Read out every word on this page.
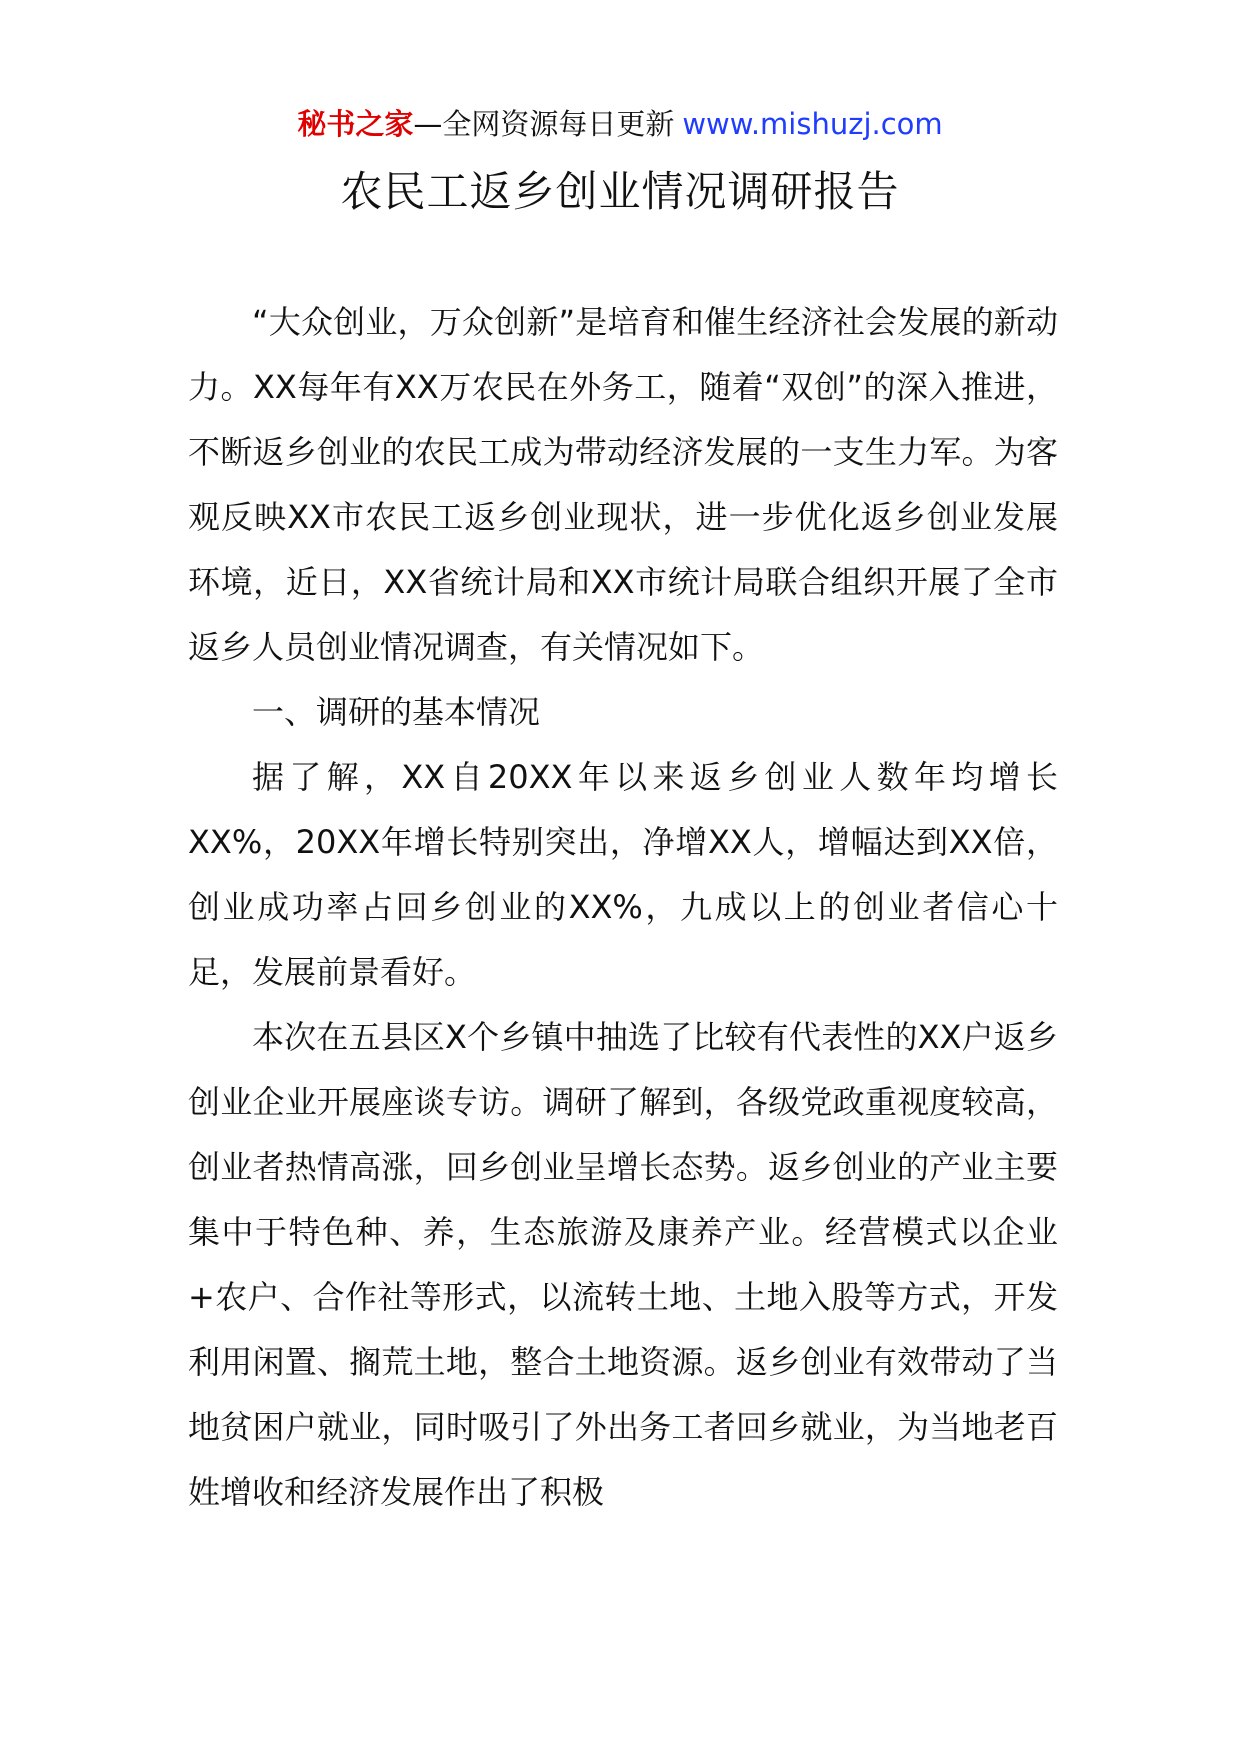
秘书之家—全网资源每日更新 www.mishuzj.com
农民工返乡创业情况调研报告

“大众创业，万众创新”是培育和催生经济社会发展的新动力。XX每年有XX万农民在外务工，随着“双创”的深入推进，不断返乡创业的农民工成为带动经济发展的一支生力军。为客观反映XX市农民工返乡创业现状，进一步优化返乡创业发展环境，近日，XX省统计局和XX市统计局联合组织开展了全市返乡人员创业情况调查，有关情况如下。

一、调研的基本情况

据了解，XX自20XX年以来返乡创业人数年均增长XX%，20XX年增长特别突出，净增XX人，增幅达到XX倍，创业成功率占回乡创业的XX%，九成以上的创业者信心十足，发展前景看好。

本次在五县区X个乡镇中抽选了比较有代表性的XX户返乡创业企业开展座谈专访。调研了解到，各级党政重视度较高，创业者热情高涨，回乡创业呈增长态势。返乡创业的产业主要集中于特色种、养，生态旅游及康养产业。经营模式以企业+农户、合作社等形式，以流转土地、土地入股等方式，开发利用闲置、搁荒土地，整合土地资源。返乡创业有效带动了当地贫困户就业，同时吸引了外出务工者回乡就业，为当地老百姓增收和经济发展作出了积极
